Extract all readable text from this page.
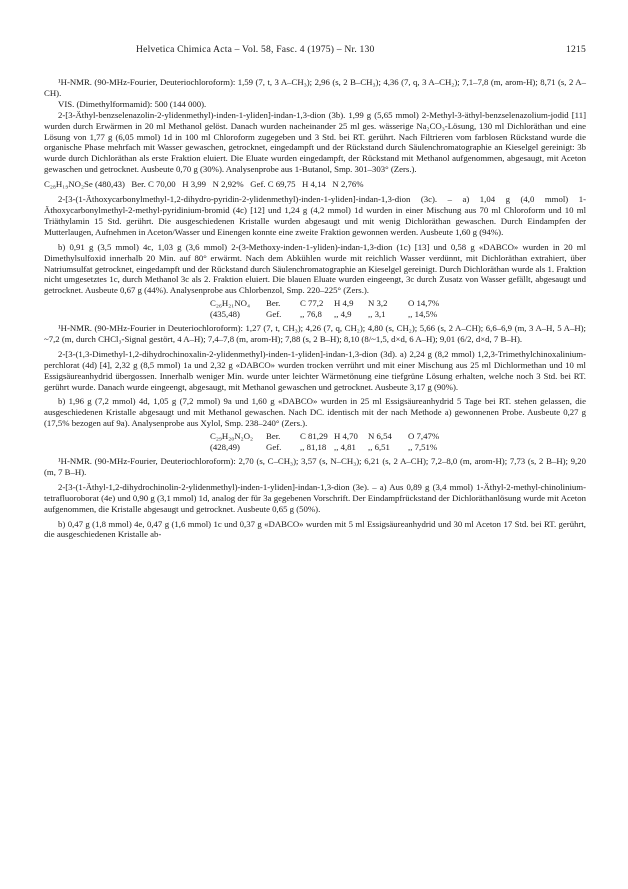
Helvetica Chimica Acta – Vol. 58, Fasc. 4 (1975) – Nr. 130	1215

¹H-NMR. (90-MHz-Fourier, Deuteriochloroform): 1,59 (7, t, 3 A–CH₃); 2,96 (s, 2 B–CH₃); 4,36 (7, q, 3 A–CH₂); 7,1–7,8 (m, arom-H); 8,71 (s, 2 A–CH).

VIS. (Dimethylformamid): 500 (144 000).

2-[3-Äthyl-benzselenazolin-2-ylidenmethyl)-inden-1-yliden]-indan-1,3-dion (3b). 1,99 g (5,65 mmol) 2-Methyl-3-äthyl-benzselenazolium-jodid [11] wurden durch Erwärmen in 20 ml Methanol gelöst. Danach wurden nacheinander 25 ml ges. wässerige Na₂CO₃-Lösung, 130 ml Dichloräthan und eine Lösung von 1,77 g (6,05 mmol) 1d in 100 ml Chloroform zugegeben und 3 Std. bei RT. gerührt. Nach Filtrieren vom farblosen Rückstand wurde die organische Phase mehrfach mit Wasser gewaschen, getrocknet, eingedampft und der Rückstand durch Säulenchromatographie an Kieselgel gereinigt: 3b wurde durch Dichloräthan als erste Fraktion eluiert. Die Eluate wurden eingedampft, der Rückstand mit Methanol aufgenommen, abgesaugt, mit Aceton gewaschen und getrocknet. Ausbeute 0,70 g (30%). Analysenprobe aus 1-Butanol, Smp. 301–303° (Zers.).

C₂₈H₁₉NO₂Se (480,43)   Ber. C 70,00   H 3,99   N 2,92%   Gef. C 69,75   H 4,14   N 2,76%

2-[3-(1-Äthoxycarbonylmethyl-1,2-dihydro-pyridin-2-ylidenmethyl)-inden-1-yliden]-indan-1,3-dion (3c). – a) 1,04 g (4,0 mmol) 1-Äthoxycarbonylmethyl-2-methyl-pyridinium-bromid (4c) [12] und 1,24 g (4,2 mmol) 1d wurden in einer Mischung aus 70 ml Chloroform und 10 ml Triäthylamin 15 Std. gerührt. Die ausgeschiedenen Kristalle wurden abgesaugt und mit wenig Dichloräthan gewaschen. Durch Eindampfen der Mutterlaugen, Aufnehmen in Aceton/Wasser und Einengen konnte eine zweite Fraktion gewonnen werden. Ausbeute 1,60 g (94%).

b) 0,91 g (3,5 mmol) 4c, 1,03 g (3,6 mmol) 2-(3-Methoxy-inden-1-yliden)-indan-1,3-dion (1c) [13] und 0,58 g «DABCO» wurden in 20 ml Dimethylsulfoxid innerhalb 20 Min. auf 80° erwärmt. Nach dem Abkühlen wurde mit reichlich Wasser verdünnt, mit Dichloräthan extrahiert, über Natriumsulfat getrocknet, eingedampft und der Rückstand durch Säulenchromatographie an Kieselgel gereinigt. Durch Dichloräthan wurde als 1. Fraktion nicht umgesetztes 1c, durch Methanol 3c als 2. Fraktion eluiert. Die blauen Eluate wurden eingeengt, 3c durch Zusatz von Wasser gefällt, abgesaugt und getrocknet. Ausbeute 0,67 g (44%). Analysenprobe aus Chlorbenzol, Smp. 220–225° (Zers.).

C₂₆H₂₁NO₄	Ber.	C 77,2	H 4,9	N 3,2	O 14,7%
(435,48)	Gef.	,, 76,8	,, 4,9	,, 3,1	,, 14,5%

¹H-NMR. (90-MHz-Fourier in Deuteriochloroform): 1,27 (7, t, CH₃); 4,26 (7, q, CH₂); 4,80 (s, CH₂); 5,66 (s, 2 A–CH); 6,6–6,9 (m, 3 A–H, 5 A–H); ~7,2 (m, durch CHCl₃-Signal gestört, 4 A–H); 7,4–7,8 (m, arom-H); 7,88 (s, 2 B–H); 8,10 (8/~1,5, d×d, 6 A–H); 9,01 (6/2, d×d, 7 B–H).

2-[3-(1,3-Dimethyl-1,2-dihydrochinoxalin-2-ylidenmethyl)-inden-1-yliden]-indan-1,3-dion (3d). a) 2,24 g (8,2 mmol) 1,2,3-Trimethylchinoxalinium-perchlorat (4d) [4], 2,32 g (8,5 mmol) 1a und 2,32 g «DABCO» wurden trocken verrührt und mit einer Mischung aus 25 ml Dichlormethan und 10 ml Essigsäureanhydrid übergossen. Innerhalb weniger Min. wurde unter leichter Wärmetönung eine tiefgrüne Lösung erhalten, welche noch 3 Std. bei RT. gerührt wurde. Danach wurde eingeengt, abgesaugt, mit Methanol gewaschen und getrocknet. Ausbeute 3,17 g (90%).

b) 1,96 g (7,2 mmol) 4d, 1,05 g (7,2 mmol) 9a und 1,60 g «DABCO» wurden in 25 ml Essigsäureanhydrid 5 Tage bei RT. stehen gelassen, die ausgeschiedenen Kristalle abgesaugt und mit Methanol gewaschen. Nach DC. identisch mit der nach Methode a) gewonnenen Probe. Ausbeute 0,27 g (17,5% bezogen auf 9a). Analysenprobe aus Xylol, Smp. 238–240° (Zers.).

C₂₉H₂₀N₂O₂	Ber.	C 81,29 H 4,70	N 6,54	O 7,47%
(428,49)	Gef.	,, 81,18 ,, 4,81	,, 6,51	,, 7,51%

¹H-NMR. (90-MHz-Fourier, Deuteriochloroform): 2,70 (s, C–CH₃); 3,57 (s, N–CH₃); 6,21 (s, 2 A–CH); 7,2–8,0 (m, arom-H); 7,73 (s, 2 B–H); 9,20 (m, 7 B–H).

2-[3-(1-Äthyl-1,2-dihydrochinolin-2-ylidenmethyl)-inden-1-yliden]-indan-1,3-dion (3e). – a) Aus 0,89 g (3,4 mmol) 1-Äthyl-2-methyl-chinolinium-tetrafluoroborat (4e) und 0,90 g (3,1 mmol) 1d, analog der für 3a gegebenen Vorschrift. Der Eindampfrückstand der Dichloräthanlösung wurde mit Aceton aufgenommen, die Kristalle abgesaugt und getrocknet. Ausbeute 0,65 g (50%).

b) 0,47 g (1,8 mmol) 4e, 0,47 g (1,6 mmol) 1c und 0,37 g «DABCO» wurden mit 5 ml Essigsäureanhydrid und 30 ml Aceton 17 Std. bei RT. gerührt, die ausgeschiedenen Kristalle ab-
